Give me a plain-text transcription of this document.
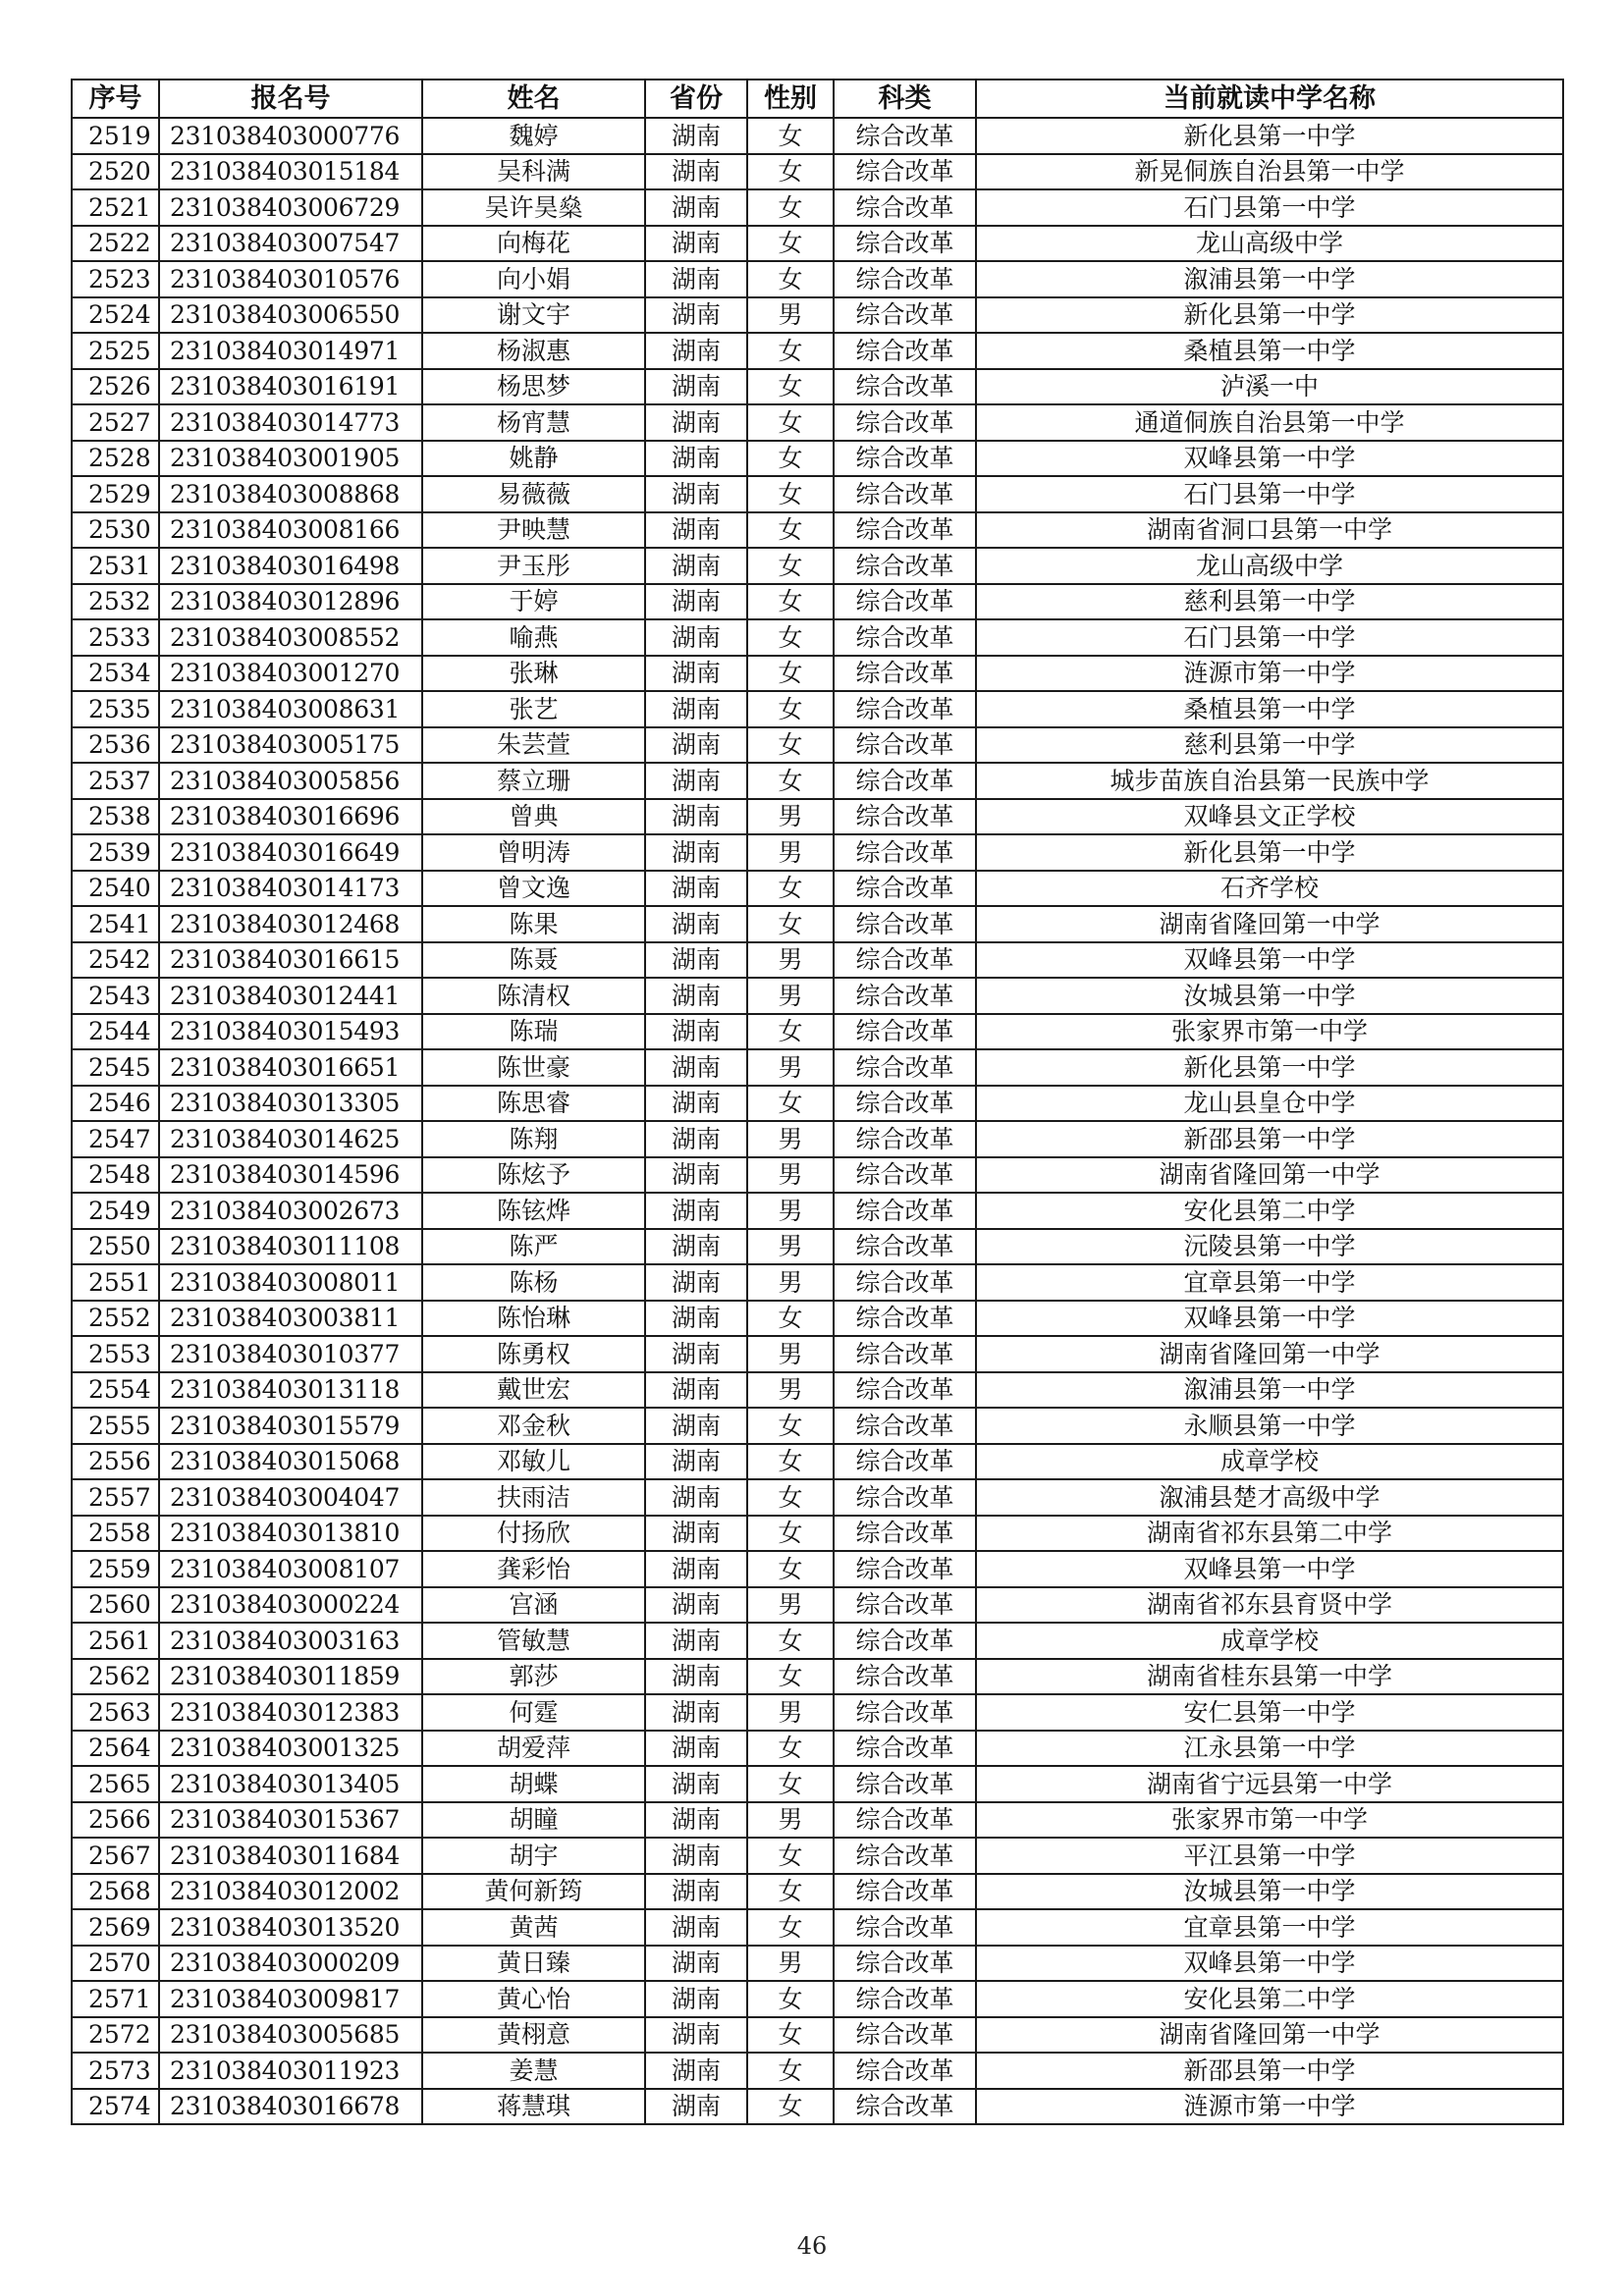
序号	报名号	姓名	省份	性别	科类	当前就读中学名称
2519	231038403000776	魏婷	湖南	女	综合改革	新化县第一中学
2520	231038403015184	吴科满	湖南	女	综合改革	新晃侗族自治县第一中学
2521	231038403006729	吴许昊燊	湖南	女	综合改革	石门县第一中学
2522	231038403007547	向梅花	湖南	女	综合改革	龙山高级中学
2523	231038403010576	向小娟	湖南	女	综合改革	溆浦县第一中学
2524	231038403006550	谢文宇	湖南	男	综合改革	新化县第一中学
2525	231038403014971	杨淑惠	湖南	女	综合改革	桑植县第一中学
2526	231038403016191	杨思梦	湖南	女	综合改革	泸溪一中
2527	231038403014773	杨宵慧	湖南	女	综合改革	通道侗族自治县第一中学
2528	231038403001905	姚静	湖南	女	综合改革	双峰县第一中学
2529	231038403008868	易薇薇	湖南	女	综合改革	石门县第一中学
2530	231038403008166	尹映慧	湖南	女	综合改革	湖南省洞口县第一中学
2531	231038403016498	尹玉彤	湖南	女	综合改革	龙山高级中学
2532	231038403012896	于婷	湖南	女	综合改革	慈利县第一中学
2533	231038403008552	喻燕	湖南	女	综合改革	石门县第一中学
2534	231038403001270	张琳	湖南	女	综合改革	涟源市第一中学
2535	231038403008631	张艺	湖南	女	综合改革	桑植县第一中学
2536	231038403005175	朱芸萱	湖南	女	综合改革	慈利县第一中学
2537	231038403005856	蔡立珊	湖南	女	综合改革	城步苗族自治县第一民族中学
2538	231038403016696	曾典	湖南	男	综合改革	双峰县文正学校
2539	231038403016649	曾明涛	湖南	男	综合改革	新化县第一中学
2540	231038403014173	曾文逸	湖南	女	综合改革	石齐学校
2541	231038403012468	陈果	湖南	女	综合改革	湖南省隆回第一中学
2542	231038403016615	陈聂	湖南	男	综合改革	双峰县第一中学
2543	231038403012441	陈清权	湖南	男	综合改革	汝城县第一中学
2544	231038403015493	陈瑞	湖南	女	综合改革	张家界市第一中学
2545	231038403016651	陈世豪	湖南	男	综合改革	新化县第一中学
2546	231038403013305	陈思睿	湖南	女	综合改革	龙山县皇仓中学
2547	231038403014625	陈翔	湖南	男	综合改革	新邵县第一中学
2548	231038403014596	陈炫予	湖南	男	综合改革	湖南省隆回第一中学
2549	231038403002673	陈铉烨	湖南	男	综合改革	安化县第二中学
2550	231038403011108	陈严	湖南	男	综合改革	沅陵县第一中学
2551	231038403008011	陈杨	湖南	男	综合改革	宜章县第一中学
2552	231038403003811	陈怡琳	湖南	女	综合改革	双峰县第一中学
2553	231038403010377	陈勇权	湖南	男	综合改革	湖南省隆回第一中学
2554	231038403013118	戴世宏	湖南	男	综合改革	溆浦县第一中学
2555	231038403015579	邓金秋	湖南	女	综合改革	永顺县第一中学
2556	231038403015068	邓敏儿	湖南	女	综合改革	成章学校
2557	231038403004047	扶雨洁	湖南	女	综合改革	溆浦县楚才高级中学
2558	231038403013810	付扬欣	湖南	女	综合改革	湖南省祁东县第二中学
2559	231038403008107	龚彩怡	湖南	女	综合改革	双峰县第一中学
2560	231038403000224	宫涵	湖南	男	综合改革	湖南省祁东县育贤中学
2561	231038403003163	管敏慧	湖南	女	综合改革	成章学校
2562	231038403011859	郭莎	湖南	女	综合改革	湖南省桂东县第一中学
2563	231038403012383	何霆	湖南	男	综合改革	安仁县第一中学
2564	231038403001325	胡爱萍	湖南	女	综合改革	江永县第一中学
2565	231038403013405	胡蝶	湖南	女	综合改革	湖南省宁远县第一中学
2566	231038403015367	胡瞳	湖南	男	综合改革	张家界市第一中学
2567	231038403011684	胡宇	湖南	女	综合改革	平江县第一中学
2568	231038403012002	黄何新筠	湖南	女	综合改革	汝城县第一中学
2569	231038403013520	黄茜	湖南	女	综合改革	宜章县第一中学
2570	231038403000209	黄日臻	湖南	男	综合改革	双峰县第一中学
2571	231038403009817	黄心怡	湖南	女	综合改革	安化县第二中学
2572	231038403005685	黄栩意	湖南	女	综合改革	湖南省隆回第一中学
2573	231038403011923	姜慧	湖南	女	综合改革	新邵县第一中学
2574	231038403016678	蒋慧琪	湖南	女	综合改革	涟源市第一中学
46
